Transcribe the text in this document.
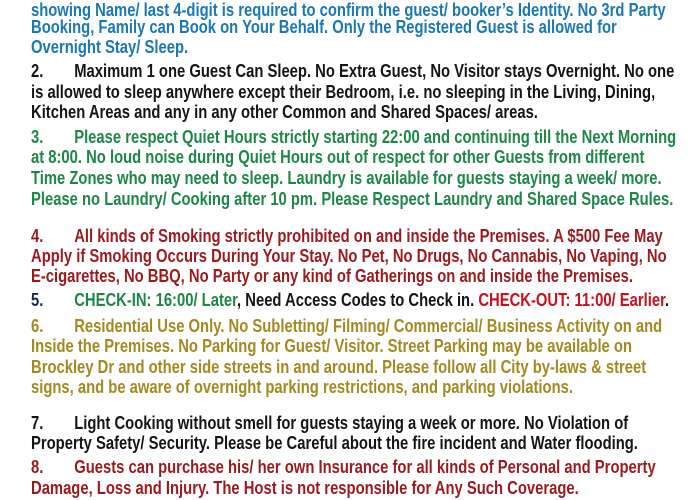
showing Name/ last 4-digit is required to confirm the guest/ booker’s Identity. No 3rd Party
Booking, Family can Book on Your Behalf. Only the Registered Guest is allowed for
Overnight Stay/ Sleep.
2. Maximum 1 one Guest Can Sleep. No Extra Guest, No Visitor stays Overnight. No one
is allowed to sleep anywhere except their Bedroom, i.e. no sleeping in the Living, Dining,
Kitchen Areas and any in any other Common and Shared Spaces/ areas.
3. Please respect Quiet Hours strictly starting 22:00 and continuing till the Next Morning
at 8:00. No loud noise during Quiet Hours out of respect for other Guests from different
Time Zones who may need to sleep. Laundry is available for guests staying a week/ more.
Please no Laundry/ Cooking after 10 pm. Please Respect Laundry and Shared Space Rules.
4. All kinds of Smoking strictly prohibited on and inside the Premises. A $500 Fee May
Apply if Smoking Occurs During Your Stay. No Pet, No Drugs, No Cannabis, No Vaping, No
E-cigarettes, No BBQ, No Party or any kind of Gatherings on and inside the Premises.
5. CHECK-IN: 16:00/ Later, Need Access Codes to Check in. CHECK-OUT: 11:00/ Earlier.
6. Residential Use Only. No Subletting/ Filming/ Commercial/ Business Activity on and
Inside the Premises. No Parking for Guest/ Visitor. Street Parking may be available on
Brockley Dr and other side streets in and around. Please follow all City by-laws & street
signs, and be aware of overnight parking restrictions, and parking violations.
7. Light Cooking without smell for guests staying a week or more. No Violation of
Property Safety/ Security. Please be Careful about the fire incident and Water flooding.
8. Guests can purchase his/ her own Insurance for all kinds of Personal and Property
Damage, Loss and Injury. The Host is not responsible for Any Such Coverage.
